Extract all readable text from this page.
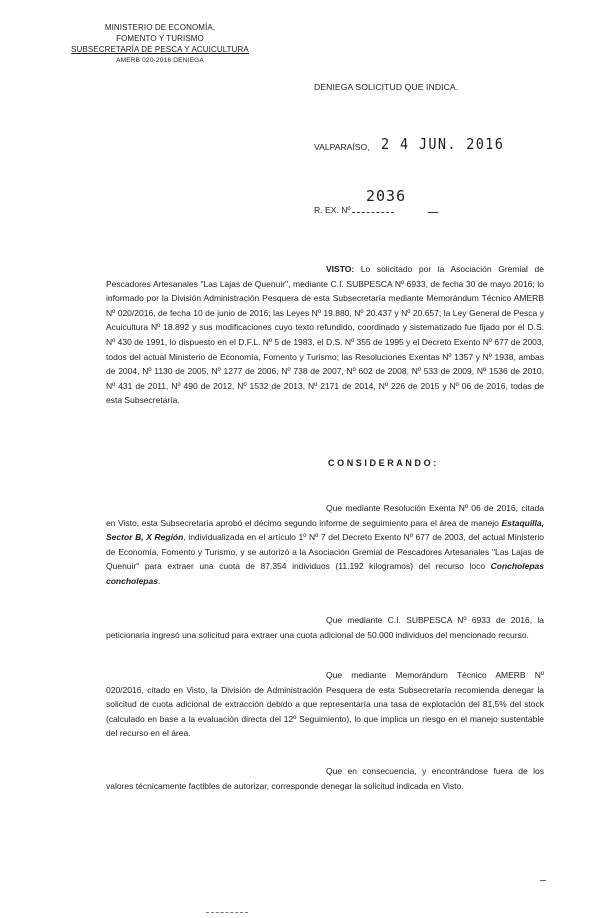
MINISTERIO DE ECONOMÍA,
FOMENTO Y TURISMO
SUBSECRETARÍA DE PESCA Y ACUICULTURA
AMERB 020-2016 DENIEGA
DENIEGA SOLICITUD QUE INDICA.
VALPARAÍSO, 2 4 JUN. 2016
R. EX. Nº
2036
VISTO: Lo solicitado por la Asociación Gremial de Pescadores Artesanales "Las Lajas de Quenuir", mediante C.I. SUBPESCA Nº 6933, de fecha 30 de mayo 2016; lo informado por la División Administración Pesquera de esta Subsecretaría mediante Memorándum Técnico AMERB Nº 020/2016, de fecha 10 de junio de 2016; las Leyes Nº 19.880, Nº 20.437 y Nº 20.657; la Ley General de Pesca y Acuicultura Nº 18.892 y sus modificaciones cuyo texto refundido, coordinado y sistematizado fue fijado por el D.S. Nº 430 de 1991, lo dispuesto en el D.F.L. Nº 5 de 1983, el D.S. Nº 355 de 1995 y el Decreto Exento Nº 677 de 2003, todos del actual Ministerio de Economía, Fomento y Turismo; las Resoluciones Exentas Nº 1357 y Nº 1938, ambas de 2004, Nº 1130 de 2005, Nº 1277 de 2006, Nº 738 de 2007, Nº 602 de 2008, Nº 533 de 2009, Nº 1536 de 2010, Nº 431 de 2011, Nº 490 de 2012, Nº 1532 de 2013, Nº 2171 de 2014, Nº 226 de 2015 y Nº 06 de 2016, todas de esta Subsecretaría.
CONSIDERANDO:
Que mediante Resolución Exenta Nº 06 de 2016, citada en Visto, esta Subsecretaría aprobó el décimo segundo informe de seguimiento para el área de manejo Estaquilla, Sector B, X Región, individualizada en el artículo 1º Nº 7 del Decreto Exento Nº 677 de 2003, del actual Ministerio de Economía, Fomento y Turismo, y se autorizó a la Asociación Gremial de Pescadores Artesanales "Las Lajas de Quenuir" para extraer una cuota de 87.354 individuos (11.192 kilogramos) del recurso loco Concholepas concholepas.
Que mediante C.I. SUBPESCA Nº 6933 de 2016, la peticionaria ingresó una solicitud para extraer una cuota adicional de 50.000 individuos del mencionado recurso.
Que mediante Memorándum Técnico AMERB Nº 020/2016, citado en Visto, la División de Administración Pesquera de esta Subsecretaría recomienda denegar la solicitud de cuota adicional de extracción debido a que representaría una tasa de explotación del 81,5% del stock (calculado en base a la evaluación directa del 12º Seguimiento), lo que implica un riesgo en el manejo sustentable del recurso en el área.
Que en consecuencia, y encontrándose fuera de los valores técnicamente factibles de autorizar, corresponde denegar la solicitud indicada en Visto.
